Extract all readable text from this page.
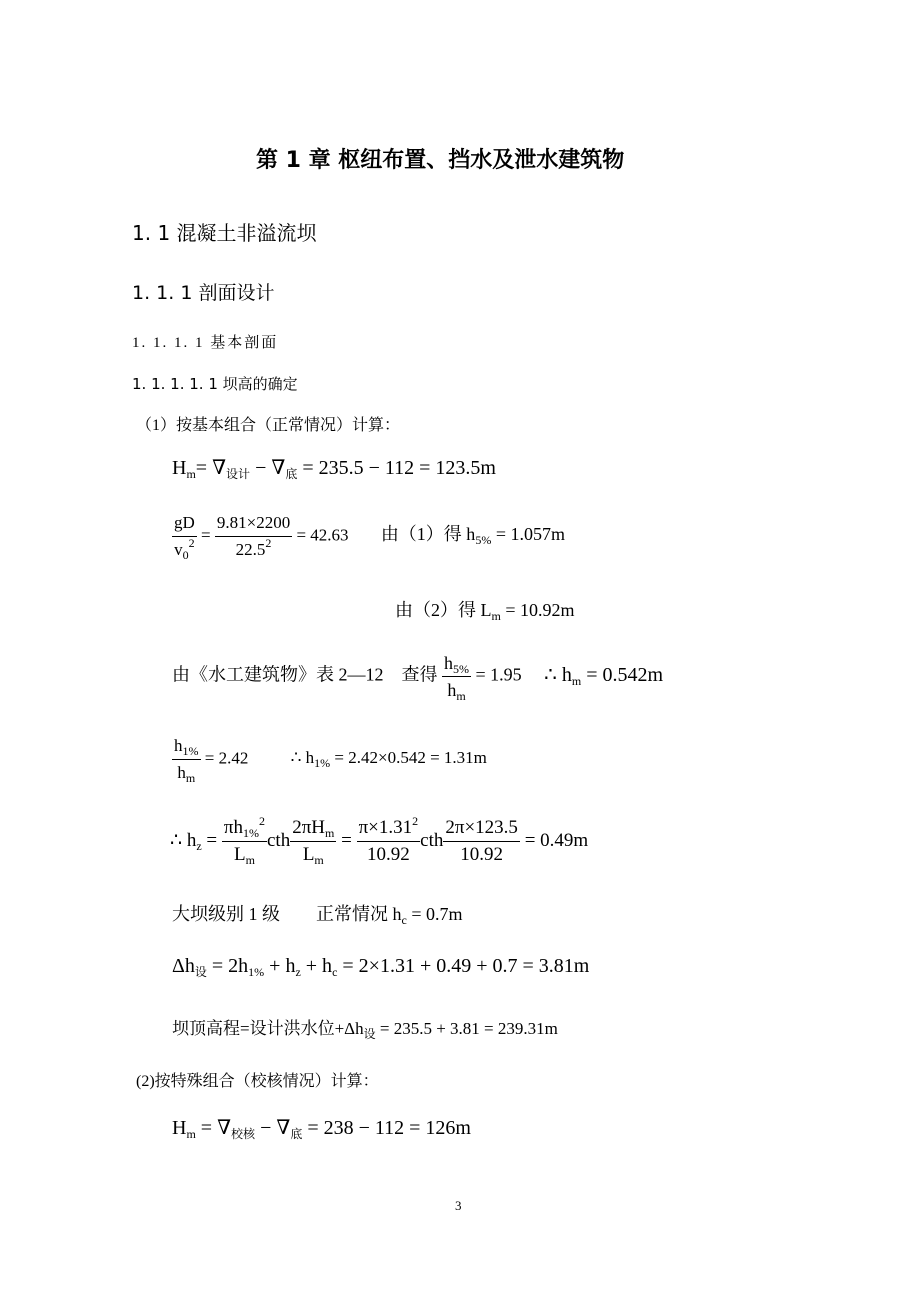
第 1 章 枢纽布置、挡水及泄水建筑物
1. 1 混凝土非溢流坝
1. 1. 1 剖面设计
1. 1. 1. 1 基本剖面
1. 1. 1. 1. 1 坝高的确定
（1）按基本组合（正常情况）计算：
$H_m= \nabla_{设计} - \nabla_底 = 235.5 - 112 = 123.5m$
$\frac{gD}{v_0^2} = \frac{9.81\times 2200}{22.5^2} = 42.63$ 由（1）得 $h_{5\%} = 1.057m$
由（2）得 $L_m = 10.92m$
由《水工建筑物》表 2—12　查得 $\frac{h_{5\%}}{h_m} = 1.95$ ∴ $h_m = 0.542m$
$\frac{h_{1\%}}{h_m} = 2.42$ ∴ $h_{1\%} = 2.42\times 0.542 = 1.31m$
∴ $h_z = \frac{\pi h_{1\%}^2}{L_m}$ cth $\frac{2\pi H_m}{L_m} = \frac{\pi\times 1.31^2}{10.92}$ cth $\frac{2\pi\times 123.5}{10.92} = 0.49m$
大坝级别 1 级　　正常情况 $h_c = 0.7m$
$\Delta h_设 = 2h_{1\%} + h_z + h_c = 2\times 1.31 + 0.49 + 0.7 = 3.81m$
坝顶高程=设计洪水位$+\Delta h_设 = 235.5 + 3.81 = 239.31m$
(2)按特殊组合（校核情况）计算：
$H_m = \nabla_{校核} - \nabla_底 = 238 - 112 = 126m$
3
